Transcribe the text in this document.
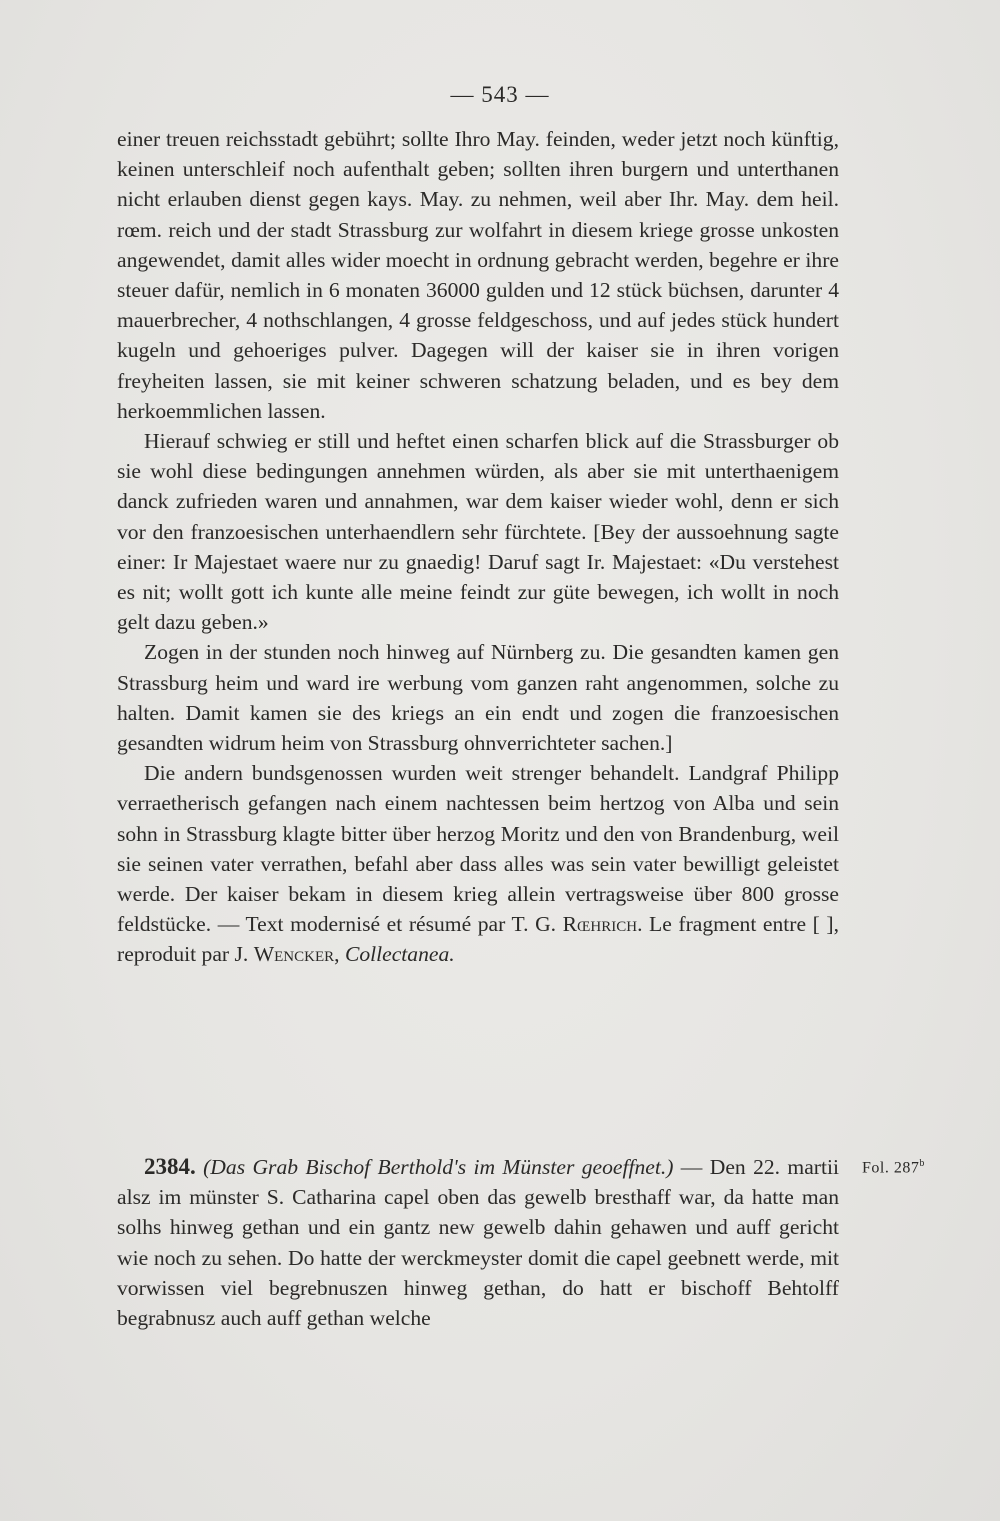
— 543 —

einer treuen reichsstadt gebührt; sollte Ihro May. feinden, weder jetzt noch künftig, keinen unterschleif noch aufenthalt geben; sollten ihren burgern und unterthanen nicht erlauben dienst gegen kays. May. zu nehmen, weil aber Ihr. May. dem heil. rœm. reich und der stadt Strassburg zur wolfahrt in diesem kriege grosse unkosten angewendet, damit alles wider moecht in ordnung gebracht werden, begehre er ihre steuer dafür, nemlich in 6 monaten 36000 gulden und 12 stück büchsen, darunter 4 mauerbrecher, 4 nothschlangen, 4 grosse feldgeschoss, und auf jedes stück hundert kugeln und gehoeriges pulver. Dagegen will der kaiser sie in ihren vorigen freyheiten lassen, sie mit keiner schweren schatzung beladen, und es bey dem herkoemmlichen lassen.

Hierauf schwieg er still und heftet einen scharfen blick auf die Strassburger ob sie wohl diese bedingungen annehmen würden, als aber sie mit unterthaenigem danck zufrieden waren und annahmen, war dem kaiser wieder wohl, denn er sich vor den franzoesischen unterhaendlern sehr fürchtete. [Bey der aussoehnung sagte einer: Ir Majestaet waere nur zu gnaedig! Daruf sagt Ir. Majestaet: «Du verstehest es nit; wollt gott ich kunte alle meine feindt zur güte bewegen, ich wollt in noch gelt dazu geben.»

Zogen in der stunden noch hinweg auf Nürnberg zu. Die gesandten kamen gen Strassburg heim und ward ire werbung vom ganzen raht angenommen, solche zu halten. Damit kamen sie des kriegs an ein endt und zogen die franzoesischen gesandten widrum heim von Strassburg ohnverrichteter sachen.]

Die andern bundsgenossen wurden weit strenger behandelt. Landgraf Philipp verraetherisch gefangen nach einem nachtessen beim hertzog von Alba und sein sohn in Strassburg klagte bitter über herzog Moritz und den von Brandenburg, weil sie seinen vater verrathen, befahl aber dass alles was sein vater bewilligt geleistet werde. Der kaiser bekam in diesem krieg allein vertragsweise über 800 grosse feldstücke. — Text modernisé et résumé par T. G. Rœhrich. Le fragment entre [ ], reproduit par J. Wencker, Collectanea.

2384. (Das Grab Bischof Berthold's im Münster geoeffnet.) — Den 22. martii alsz im münster S. Catharina capel oben das gewelb bresthaff war, da hatte man solhs hinweg gethan und ein gantz new gewelb dahin gehawen und auff gericht wie noch zu sehen. Do hatte der werckmeyster domit die capel geebnett werde, mit vorwissen viel begrebnuszen hinweg gethan, do hatt er bischoff Behtolff begrabnusz auch auff gethan welche

Fol. 287$^b$
